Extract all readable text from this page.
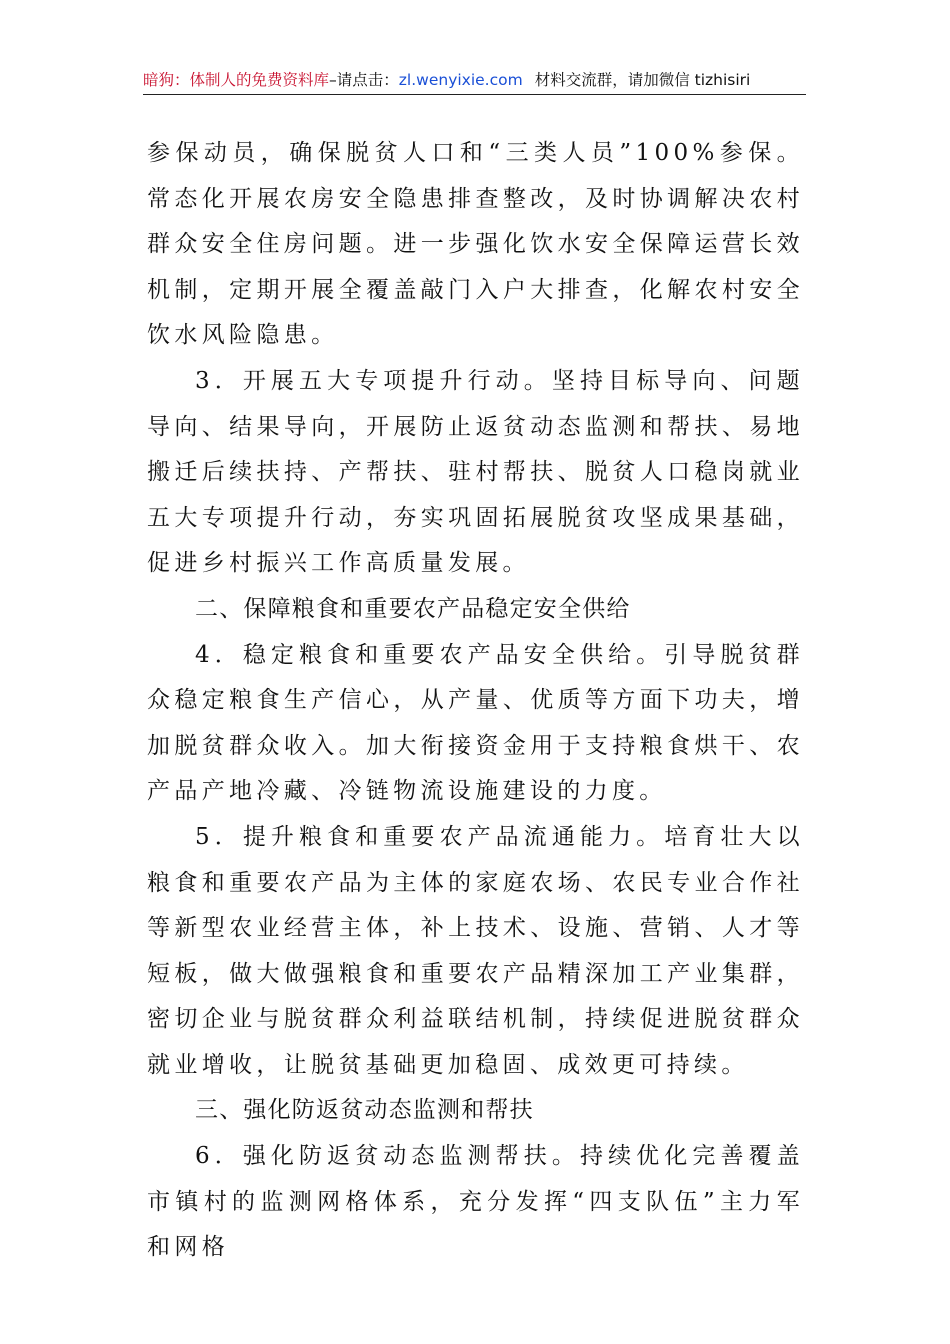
暗狗：体制人的免费资料库–请点击：zl.wenyixie.com 材料交流群，请加微信 tizhisiri

参保动员，确保脱贫人口和“三类人员”100%参保。常态化开展农房安全隐患排查整改，及时协调解决农村群众安全住房问题。进一步强化饮水安全保障运营长效机制，定期开展全覆盖敲门入户大排查，化解农村安全饮水风险隐患。

3．开展五大专项提升行动。坚持目标导向、问题导向、结果导向，开展防止返贫动态监测和帮扶、易地搬迁后续扶持、产帮扶、驻村帮扶、脱贫人口稳岗就业五大专项提升行动，夯实巩固拓展脱贫攻坚成果基础，促进乡村振兴工作高质量发展。

二、保障粮食和重要农产品稳定安全供给

4．稳定粮食和重要农产品安全供给。引导脱贫群众稳定粮食生产信心，从产量、优质等方面下功夫，增加脱贫群众收入。加大衔接资金用于支持粮食烘干、农产品产地冷藏、冷链物流设施建设的力度。

5．提升粮食和重要农产品流通能力。培育壮大以粮食和重要农产品为主体的家庭农场、农民专业合作社等新型农业经营主体，补上技术、设施、营销、人才等短板，做大做强粮食和重要农产品精深加工产业集群，密切企业与脱贫群众利益联结机制，持续促进脱贫群众就业增收，让脱贫基础更加稳固、成效更可持续。

三、强化防返贫动态监测和帮扶

6．强化防返贫动态监测帮扶。持续优化完善覆盖市镇村的监测网格体系，充分发挥“四支队伍”主力军和网格
